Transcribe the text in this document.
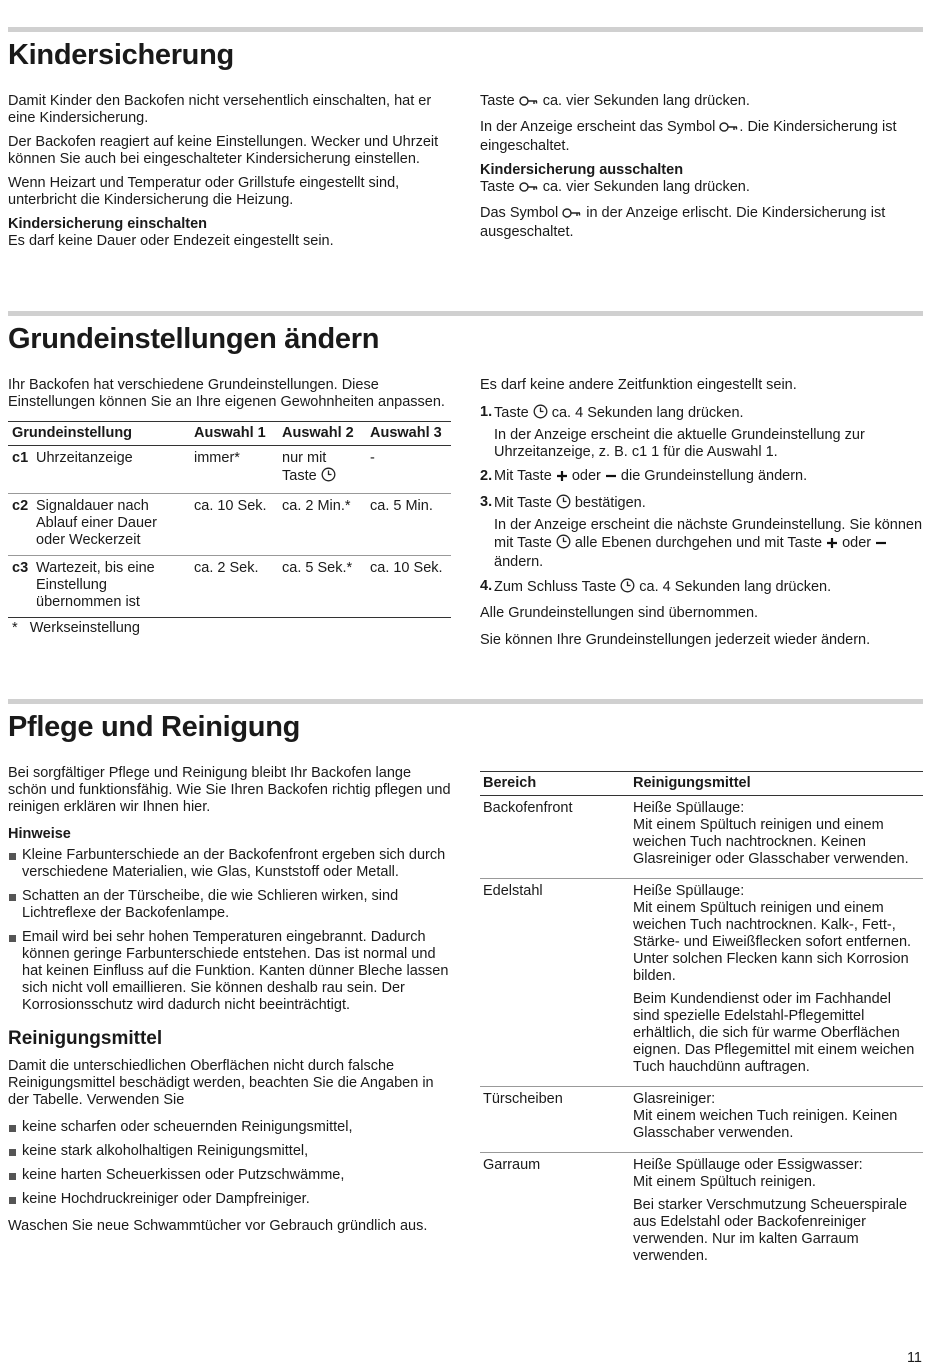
Kindersicherung

Damit Kinder den Backofen nicht versehentlich einschalten, hat er eine Kindersicherung.

Der Backofen reagiert auf keine Einstellungen. Wecker und Uhrzeit können Sie auch bei eingeschalteter Kindersicherung einstellen.

Wenn Heizart und Temperatur oder Grillstufe eingestellt sind, unterbricht die Kindersicherung die Heizung.

Kindersicherung einschalten

Es darf keine Dauer oder Endezeit eingestellt sein.

Taste ca. vier Sekunden lang drücken.

In der Anzeige erscheint das Symbol . Die Kindersicherung ist eingeschaltet.

Kindersicherung ausschalten

Taste ca. vier Sekunden lang drücken.

Das Symbol in der Anzeige erlischt. Die Kindersicherung ist ausgeschaltet.

Grundeinstellungen ändern

Ihr Backofen hat verschiedene Grundeinstellungen. Diese Einstellungen können Sie an Ihre eigenen Gewohnheiten anpassen.

Grundeinstellung	Auswahl 1	Auswahl 2	Auswahl 3

c1 Uhrzeitanzeige	immer*	nur mit Taste	-

c2 Signaldauer nach Ablauf einer Dauer oder Weckerzeit	ca. 10 Sek.	ca. 2 Min.*	ca. 5 Min.

c3 Wartezeit, bis eine Einstellung übernommen ist	ca. 2 Sek.	ca. 5 Sek.*	ca. 10 Sek.
* Werkseinstellung

Es darf keine andere Zeitfunktion eingestellt sein.

1. Taste ca. 4 Sekunden lang drücken.
In der Anzeige erscheint die aktuelle Grundeinstellung zur Uhrzeitanzeige, z. B. c1 1 für die Auswahl 1.
2. Mit Taste oder die Grundeinstellung ändern.
3. Mit Taste bestätigen.
In der Anzeige erscheint die nächste Grundeinstellung. Sie können mit Taste alle Ebenen durchgehen und mit Taste oder  ändern.
4. Zum Schluss Taste ca. 4 Sekunden lang drücken.

Alle Grundeinstellungen sind übernommen.

Sie können Ihre Grundeinstellungen jederzeit wieder ändern.

Pflege und Reinigung

Bei sorgfältiger Pflege und Reinigung bleibt Ihr Backofen lange schön und funktionsfähig. Wie Sie Ihren Backofen richtig pflegen und reinigen erklären wir Ihnen hier.

Hinweise
Kleine Farbunterschiede an der Backofenfront ergeben sich durch verschiedene Materialien, wie Glas, Kunststoff oder Metall.
Schatten an der Türscheibe, die wie Schlieren wirken, sind Lichtreflexe der Backofenlampe.
Email wird bei sehr hohen Temperaturen eingebrannt. Dadurch können geringe Farbunterschiede entstehen. Das ist normal und hat keinen Einfluss auf die Funktion. Kanten dünner Bleche lassen sich nicht voll emaillieren. Sie können deshalb rau sein. Der Korrosionsschutz wird dadurch nicht beeinträchtigt.
Reinigungsmittel

Damit die unterschiedlichen Oberflächen nicht durch falsche Reinigungsmittel beschädigt werden, beachten Sie die Angaben in der Tabelle. Verwenden Sie

keine scharfen oder scheuernden Reinigungsmittel,
keine stark alkoholhaltigen Reinigungsmittel,
keine harten Scheuerkissen oder Putzschwämme,
keine Hochdruckreiniger oder Dampfreiniger.

Waschen Sie neue Schwammtücher vor Gebrauch gründlich aus.

Bereich	Reinigungsmittel
Backofenfront	Heiße Spüllauge:
Mit einem Spültuch reinigen und einem weichen Tuch nachtrocknen. Keinen Glasreiniger oder Glasschaber verwenden.

Edelstahl	Heiße Spüllauge:
Mit einem Spültuch reinigen und einem weichen Tuch nachtrocknen. Kalk-, Fett-, Stärke- und Eiweißflecken sofort entfernen. Unter solchen Flecken kann sich Korrosion bilden.

Beim Kundendienst oder im Fachhandel sind spezielle Edelstahl-Pflegemittel erhältlich, die sich für warme Oberflächen eignen. Das Pflegemittel mit einem weichen Tuch hauchdünn auftragen.

Türscheiben	Glasreiniger:
Mit einem weichen Tuch reinigen. Keinen Glasschaber verwenden.

Garraum	Heiße Spüllauge oder Essigwasser:
Mit einem Spültuch reinigen.

Bei starker Verschmutzung Scheuerspirale aus Edelstahl oder Backofenreiniger verwenden. Nur im kalten Garraum verwenden.

11
